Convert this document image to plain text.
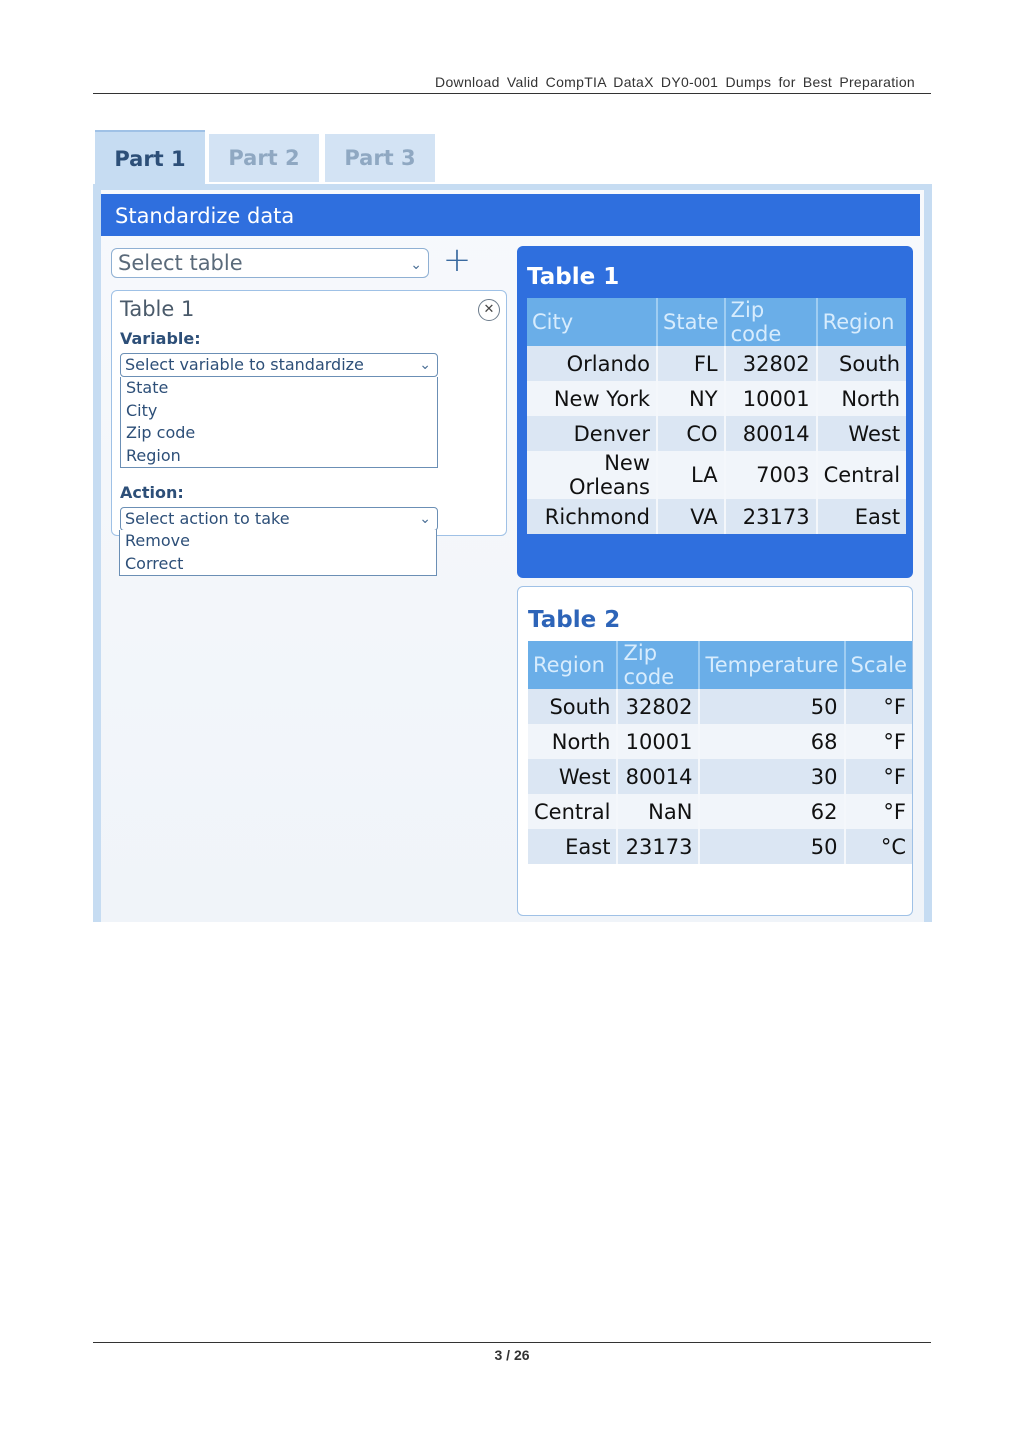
Download Valid CompTIA DataX DY0-001 Dumps for Best Preparation
Part 1	Part 2	Part 3
Standardize data
Select table	⌄ +
Table 1	✕
Variable:
Select variable to standardize	⌄
State
City
Zip code
Region
Action:
Select action to take	⌄
Remove
Correct
Table 1
City	State	Zip code	Region
Orlando	FL	32802	South
New York	NY	10001	North
Denver	CO	80014	West
New Orleans	LA	7003	Central
Richmond	VA	23173	East
Table 2
Region	Zip code	Temperature	Scale
South	32802	50	°F
North	10001	68	°F
West	80014	30	°F
Central	NaN	62	°F
East	23173	50	°C
3 / 26
